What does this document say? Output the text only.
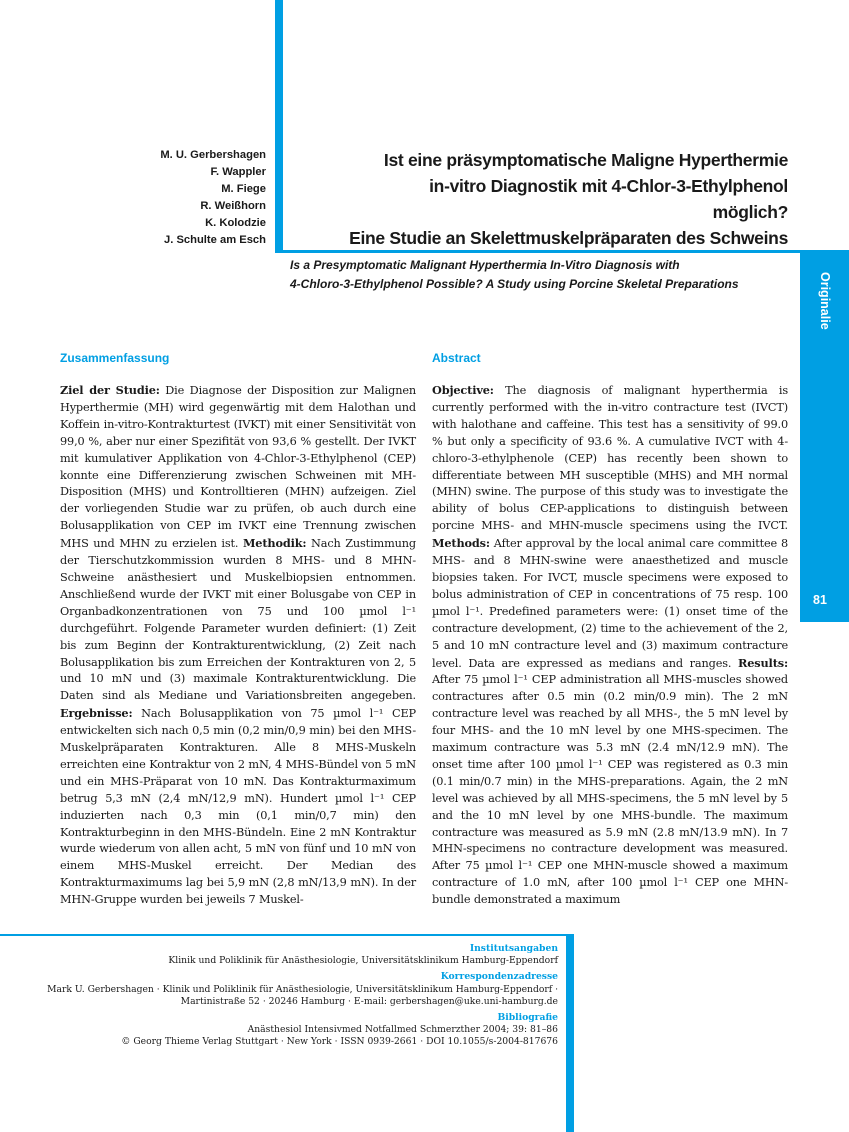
Originalie
81
M. U. Gerbershagen
F. Wappler
M. Fiege
R. Weißhorn
K. Kolodzie
J. Schulte am Esch
Ist eine präsymptomatische Maligne Hyperthermie
in-vitro Diagnostik mit 4-Chlor-3-Ethylphenol
möglich?
Eine Studie an Skelettmuskelpräparaten des Schweins
Is a Presymptomatic Malignant Hyperthermia In-Vitro Diagnosis with
4-Chloro-3-Ethylphenol Possible? A Study using Porcine Skeletal Preparations
Zusammenfassung	Abstract
Ziel der Studie: Die Diagnose der Disposition zur Malignen Hyperthermie (MH) wird gegenwärtig mit dem Halothan und Koffein in-vitro-Kontrakturtest (IVKT) mit einer Sensitivität von 99,0 %, aber nur einer Spezifität von 93,6 % gestellt. Der IVKT mit kumulativer Applikation von 4-Chlor-3-Ethylphenol (CEP) konnte eine Differenzierung zwischen Schweinen mit MH-Disposition (MHS) und Kontrolltieren (MHN) aufzeigen. Ziel der vorliegenden Studie war zu prüfen, ob auch durch eine Bolusapplikation von CEP im IVKT eine Trennung zwischen MHS und MHN zu erzielen ist. Methodik: Nach Zustimmung der Tierschutzkommission wurden 8 MHS- und 8 MHN-Schweine anästhesiert und Muskelbiopsien entnommen. Anschließend wurde der IVKT mit einer Bolusgabe von CEP in Organbadkonzentrationen von 75 und 100 µmol l⁻¹ durchgeführt. Folgende Parameter wurden definiert: (1) Zeit bis zum Beginn der Kontrakturentwicklung, (2) Zeit nach Bolusapplikation bis zum Erreichen der Kontrakturen von 2, 5 und 10 mN und (3) maximale Kontrakturentwicklung. Die Daten sind als Mediane und Variationsbreiten angegeben. Ergebnisse: Nach Bolusapplikation von 75 µmol l⁻¹ CEP entwickelten sich nach 0,5 min (0,2 min/0,9 min) bei den MHS-Muskelpräparaten Kontrakturen. Alle 8 MHS-Muskeln erreichten eine Kontraktur von 2 mN, 4 MHS-Bündel von 5 mN und ein MHS-Präparat von 10 mN. Das Kontrakturmaximum betrug 5,3 mN (2,4 mN/12,9 mN). Hundert µmol l⁻¹ CEP induzierten nach 0,3 min (0,1 min/0,7 min) den Kontrakturbeginn in den MHS-Bündeln. Eine 2 mN Kontraktur wurde wiederum von allen acht, 5 mN von fünf und 10 mN von einem MHS-Muskel erreicht. Der Median des Kontrakturmaximums lag bei 5,9 mN (2,8 mN/13,9 mN). In der MHN-Gruppe wurden bei jeweils 7 Muskel-
Objective: The diagnosis of malignant hyperthermia is currently performed with the in-vitro contracture test (IVCT) with halothane and caffeine. This test has a sensitivity of 99.0 % but only a specificity of 93.6 %. A cumulative IVCT with 4-chloro-3-ethylphenole (CEP) has recently been shown to differentiate between MH susceptible (MHS) and MH normal (MHN) swine. The purpose of this study was to investigate the ability of bolus CEP-applications to distinguish between porcine MHS- and MHN-muscle specimens using the IVCT. Methods: After approval by the local animal care committee 8 MHS- and 8 MHN-swine were anaesthetized and muscle biopsies taken. For IVCT, muscle specimens were exposed to bolus administration of CEP in concentrations of 75 resp. 100 µmol l⁻¹. Predefined parameters were: (1) onset time of the contracture development, (2) time to the achievement of the 2, 5 and 10 mN contracture level and (3) maximum contracture level. Data are expressed as medians and ranges. Results: After 75 µmol l⁻¹ CEP administration all MHS-muscles showed contractures after 0.5 min (0.2 min/0.9 min). The 2 mN contracture level was reached by all MHS-, the 5 mN level by four MHS- and the 10 mN level by one MHS-specimen. The maximum contracture was 5.3 mN (2.4 mN/12.9 mN). The onset time after 100 µmol l⁻¹ CEP was registered as 0.3 min (0.1 min/0.7 min) in the MHS-preparations. Again, the 2 mN level was achieved by all MHS-specimens, the 5 mN level by 5 and the 10 mN level by one MHS-bundle. The maximum contracture was measured as 5.9 mN (2.8 mN/13.9 mN). In 7 MHN-specimens no contracture development was measured. After 75 µmol l⁻¹ CEP one MHN-muscle showed a maximum contracture of 1.0 mN, after 100 µmol l⁻¹ CEP one MHN-bundle demonstrated a maximum
Institutsangaben
Klinik und Poliklinik für Anästhesiologie, Universitätsklinikum Hamburg-Eppendorf
Korrespondenzadresse
Mark U. Gerbershagen · Klinik und Poliklinik für Anästhesiologie, Universitätsklinikum Hamburg-Eppendorf ·
Martinistraße 52 · 20246 Hamburg · E-mail: gerbershagen@uke.uni-hamburg.de
Bibliografie
Anästhesiol Intensivmed Notfallmed Schmerzther 2004; 39: 81–86
© Georg Thieme Verlag Stuttgart · New York · ISSN 0939-2661 · DOI 10.1055/s-2004-817676
